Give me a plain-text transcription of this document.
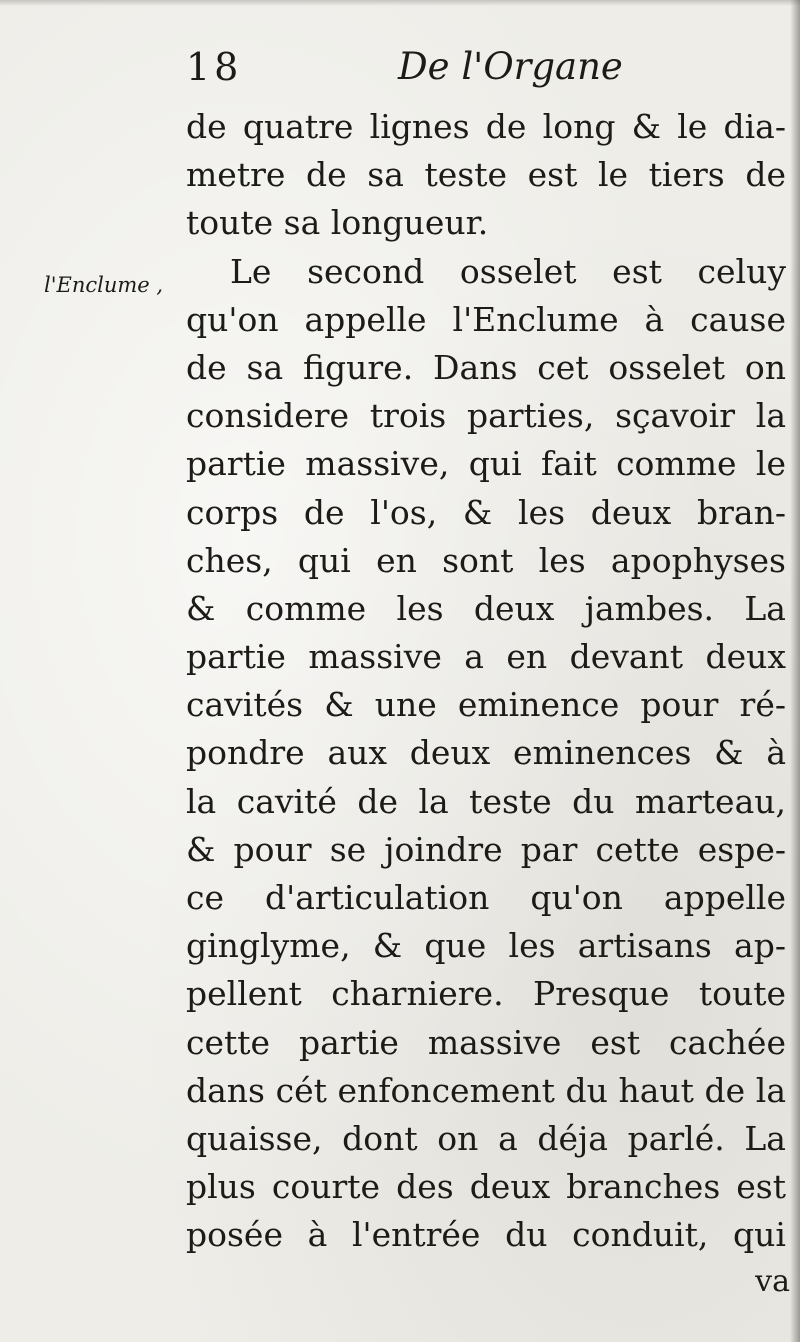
18	De l'Organe
l'Enclume ,
de quatre lignes de long & le dia-
metre de sa teste est le tiers de
toute sa longueur.
Le second osselet est celuy
qu'on appelle l'Enclume à cause
de sa figure. Dans cet osselet on
considere trois parties, sçavoir la
partie massive, qui fait comme le
corps de l'os, & les deux bran-
ches, qui en sont les apophyses
& comme les deux jambes. La
partie massive a en devant deux
cavités & une eminence pour ré-
pondre aux deux eminences & à
la cavité de la teste du marteau,
& pour se joindre par cette espe-
ce d'articulation qu'on appelle
ginglyme, & que les artisans ap-
pellent charniere. Presque toute
cette partie massive est cachée
dans cét enfoncement du haut de la
quaisse, dont on a déja parlé. La
plus courte des deux branches est
posée à l'entrée du conduit, qui
va
